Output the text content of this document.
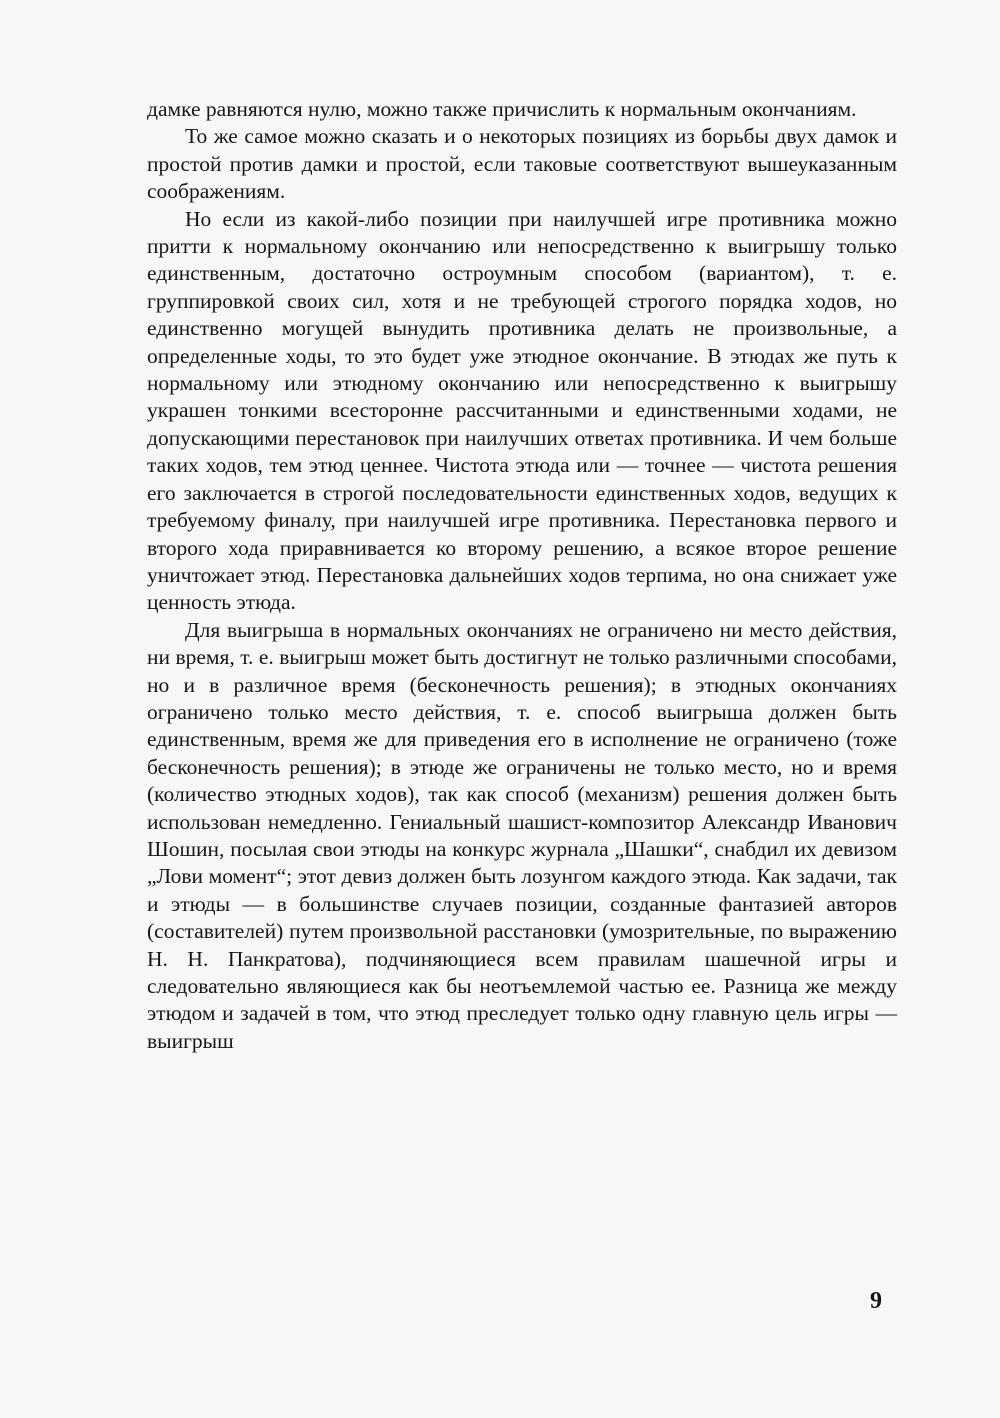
дамке равняются нулю, можно также причислить к нормальным окончаниям.

То же самое можно сказать и о некоторых позициях из борьбы двух дамок и простой против дамки и простой, если таковые соответствуют вышеуказанным соображениям.

Но если из какой-либо позиции при наилучшей игре противника можно притти к нормальному окончанию или непосредственно к выигрышу только единственным, достаточно остроумным способом (вариантом), т. е. группировкой своих сил, хотя и не требующей строгого порядка ходов, но единственно могущей вынудить противника делать не произвольные, а определенные ходы, то это будет уже этюдное окончание. В этюдах же путь к нормальному или этюдному окончанию или непосредственно к выигрышу украшен тонкими всесторонне рассчитанными и единственными ходами, не допускающими перестановок при наилучших ответах противника. И чем больше таких ходов, тем этюд ценнее. Чистота этюда или — точнее — чистота решения его заключается в строгой последовательности единственных ходов, ведущих к требуемому финалу, при наилучшей игре противника. Перестановка первого и второго хода приравнивается ко второму решению, а всякое второе решение уничтожает этюд. Перестановка дальнейших ходов терпима, но она снижает уже ценность этюда.

Для выигрыша в нормальных окончаниях не ограничено ни место действия, ни время, т. е. выигрыш может быть достигнут не только различными способами, но и в различное время (бесконечность решения); в этюдных окончаниях ограничено только место действия, т. е. способ выигрыша должен быть единственным, время же для приведения его в исполнение не ограничено (тоже бесконечность решения); в этюде же ограничены не только место, но и время (количество этюдных ходов), так как способ (механизм) решения должен быть использован немедленно. Гениальный шашист-композитор Александр Иванович Шошин, посылая свои этюды на конкурс журнала „Шашки“, снабдил их девизом „Лови момент“; этот девиз должен быть лозунгом каждого этюда. Как задачи, так и этюды — в большинстве случаев позиции, созданные фантазией авторов (составителей) путем произвольной расстановки (умозрительные, по выражению Н. Н. Панкратова), подчиняющиеся всем правилам шашечной игры и следовательно являющиеся как бы неотъемлемой частью ее. Разница же между этюдом и задачей в том, что этюд преследует только одну главную цель игры — выигрыш

9
